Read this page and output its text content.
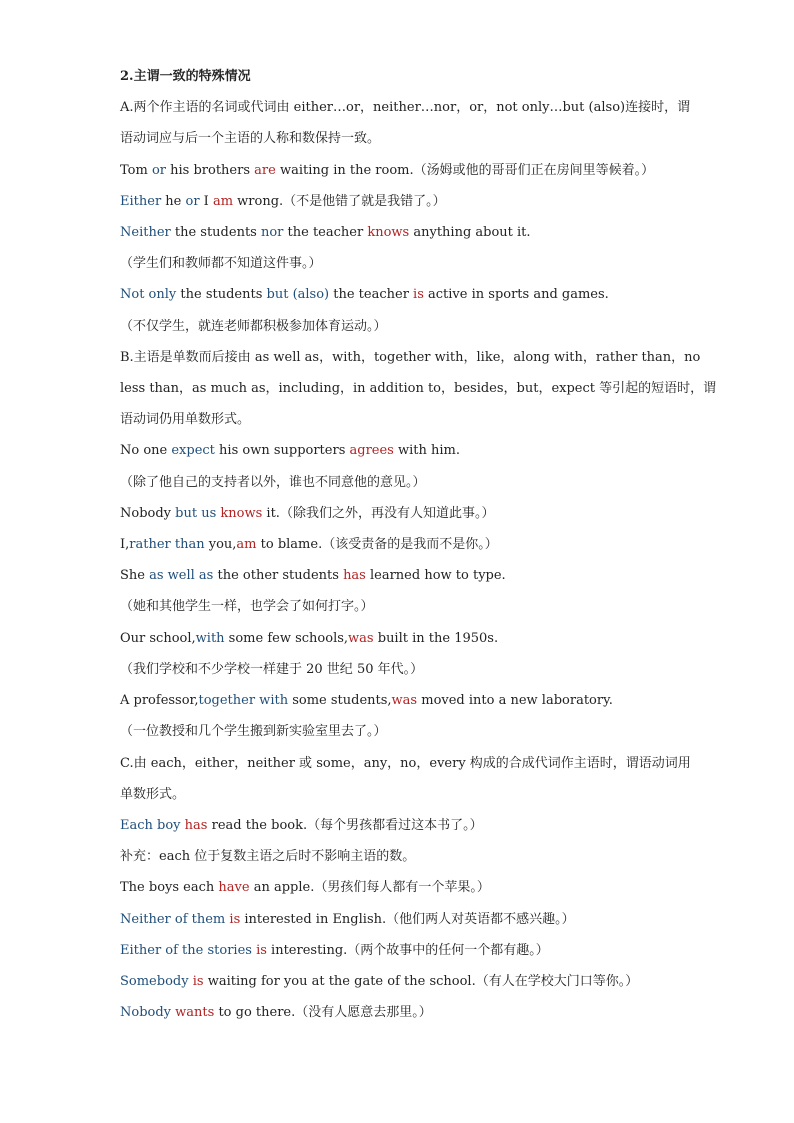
2.主谓一致的特殊情况
A.两个作主语的名词或代词由 either…or，neither…nor，or，not only…but (also)连接时，谓
语动词应与后一个主语的人称和数保持一致。
Tom or his brothers are waiting in the room.（汤姆或他的哥哥们正在房间里等候着。）
Either he or I am wrong.（不是他错了就是我错了。）
Neither the students nor the teacher knows anything about it.
（学生们和教师都不知道这件事。）
Not only the students but (also) the teacher is active in sports and games.
（不仅学生，就连老师都积极参加体育运动。）
B.主语是单数而后接由 as well as，with，together with，like，along with，rather than，no
less than，as much as，including，in addition to，besides，but，expect 等引起的短语时，谓
语动词仍用单数形式。
No one expect his own supporters agrees with him.
（除了他自己的支持者以外，谁也不同意他的意见。）
Nobody but us knows it.（除我们之外，再没有人知道此事。）
I,rather than you,am to blame.（该受责备的是我而不是你。）
She as well as the other students has learned how to type.
（她和其他学生一样，也学会了如何打字。）
Our school,with some few schools,was built in the 1950s.
（我们学校和不少学校一样建于 20 世纪 50 年代。）
A professor,together with some students,was moved into a new laboratory.
（一位教授和几个学生搬到新实验室里去了。）
C.由 each，either，neither 或 some，any，no，every 构成的合成代词作主语时，谓语动词用
单数形式。
Each boy has read the book.（每个男孩都看过这本书了。）
补充：each 位于复数主语之后时不影响主语的数。
The boys each have an apple.（男孩们每人都有一个苹果。）
Neither of them is interested in English.（他们两人对英语都不感兴趣。）
Either of the stories is interesting.（两个故事中的任何一个都有趣。）
Somebody is waiting for you at the gate of the school.（有人在学校大门口等你。）
Nobody wants to go there.（没有人愿意去那里。）
